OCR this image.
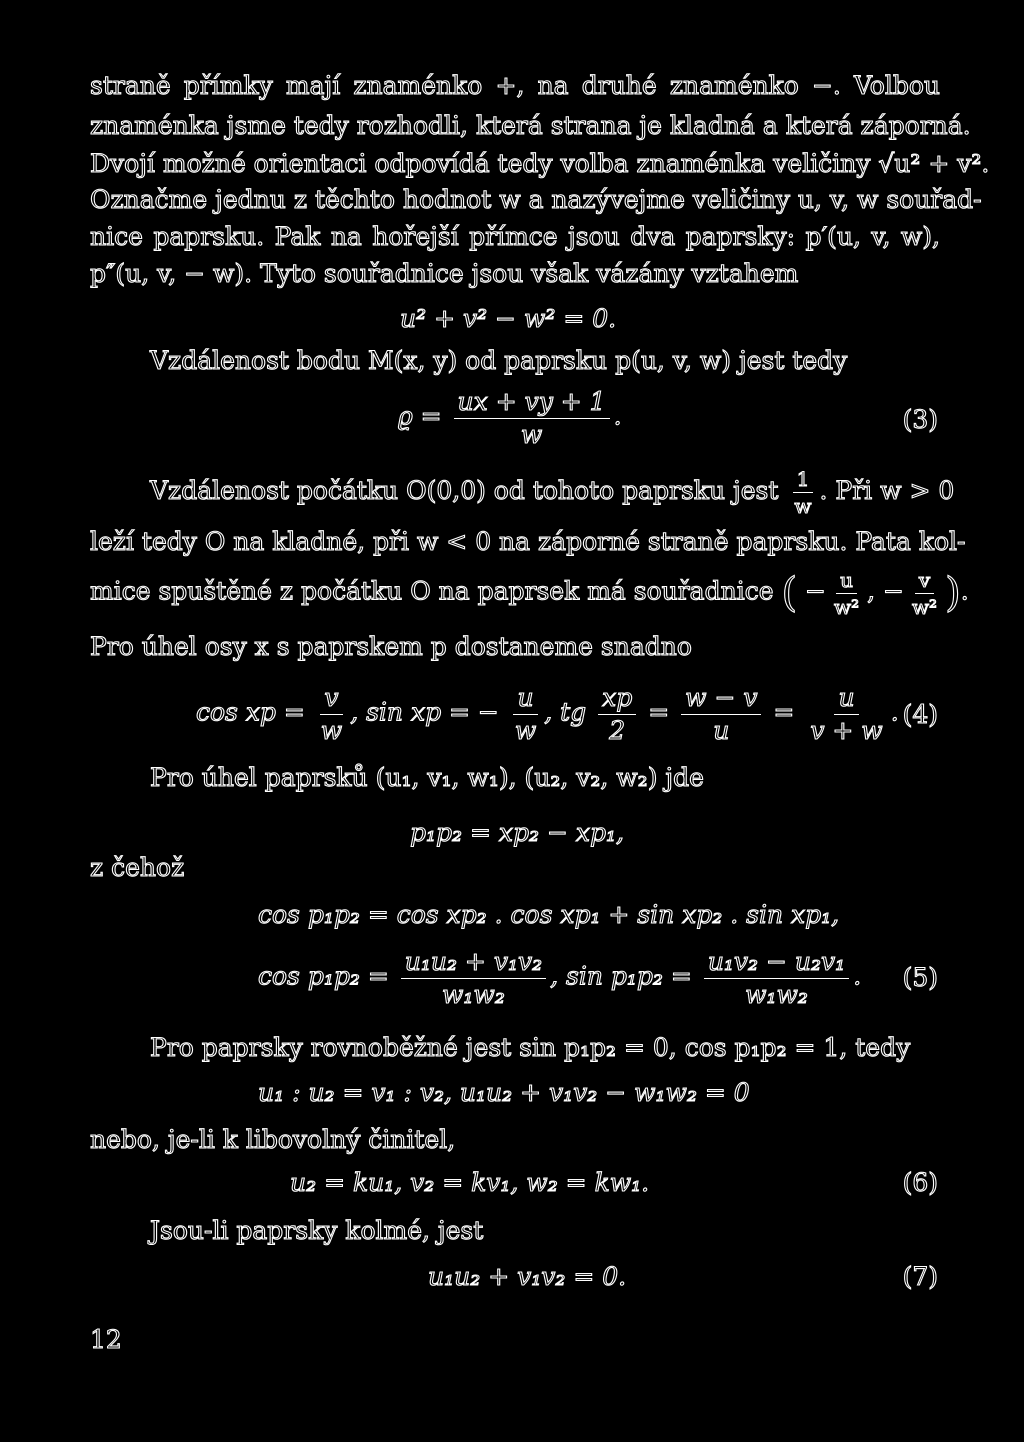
straně přímky mají znaménko +, na druhé znaménko −. Volbou
znaménka jsme tedy rozhodli, která strana je kladná a která záporná.
Dvojí možné orientaci odpovídá tedy volba znaménka veličiny √u² + v².
Označme jednu z těchto hodnot w a nazývejme veličiny u, v, w souřad-
nice paprsku. Pak na hořejší přímce jsou dva paprsky: p′(u, v, w),
p″(u, v, − w). Tyto souřadnice jsou však vázány vztahem
u² + v² − w² = 0.
Vzdálenost bodu M(x, y) od paprsku p(u, v, w) jest tedy
$ϱ = \frac{ux + vy + 1}{w}$ .	(3)
Vzdálenost počátku O(0,0) od tohoto paprsku jest $\frac{1}{w}$ . Při w > 0
leží tedy O na kladné, při w < 0 na záporné straně paprsku. Pata kol-
mice spuštěné z počátku O na paprsek má souřadnice ( − $\frac{u}{\text{w²}}$ , − $\frac{v}{\text{w²}}$ ).
Pro úhel osy x s paprskem p dostaneme snadno
cos xp = $\frac{v}{w}$ , sin xp = − $\frac{u}{w}$ , tg $\frac{xp}{2} = \frac{w - v}{u} = \frac{u}{v + w}$ . (4)
Pro úhel paprsků (u₁, v₁, w₁), (u₂, v₂, w₂) jde
p₁p₂ = xp₂ − xp₁,
z čehož
cos p₁p₂ = cos xp₂ . cos xp₁ + sin xp₂ . sin xp₁,
$\cos p_1p_2 = \frac{\text{u₁u₂ + v₁v₂}}{\text{w₁w₂}}$ , $\sin p_1p_2 = \frac{\text{u₁v₂ − u₂v₁}}{\text{w₁w₂}}$ . (5)
Pro paprsky rovnoběžné jest sin p₁p₂ = 0, cos p₁p₂ = 1, tedy
u₁ : u₂ = v₁ : v₂, u₁u₂ + v₁v₂ − w₁w₂ = 0
nebo, je-li k libovolný činitel,
u₂ = ku₁, v₂ = kv₁, w₂ = kw₁.	(6)
Jsou-li paprsky kolmé, jest
u₁u₂ + v₁v₂ = 0.	(7)
12
